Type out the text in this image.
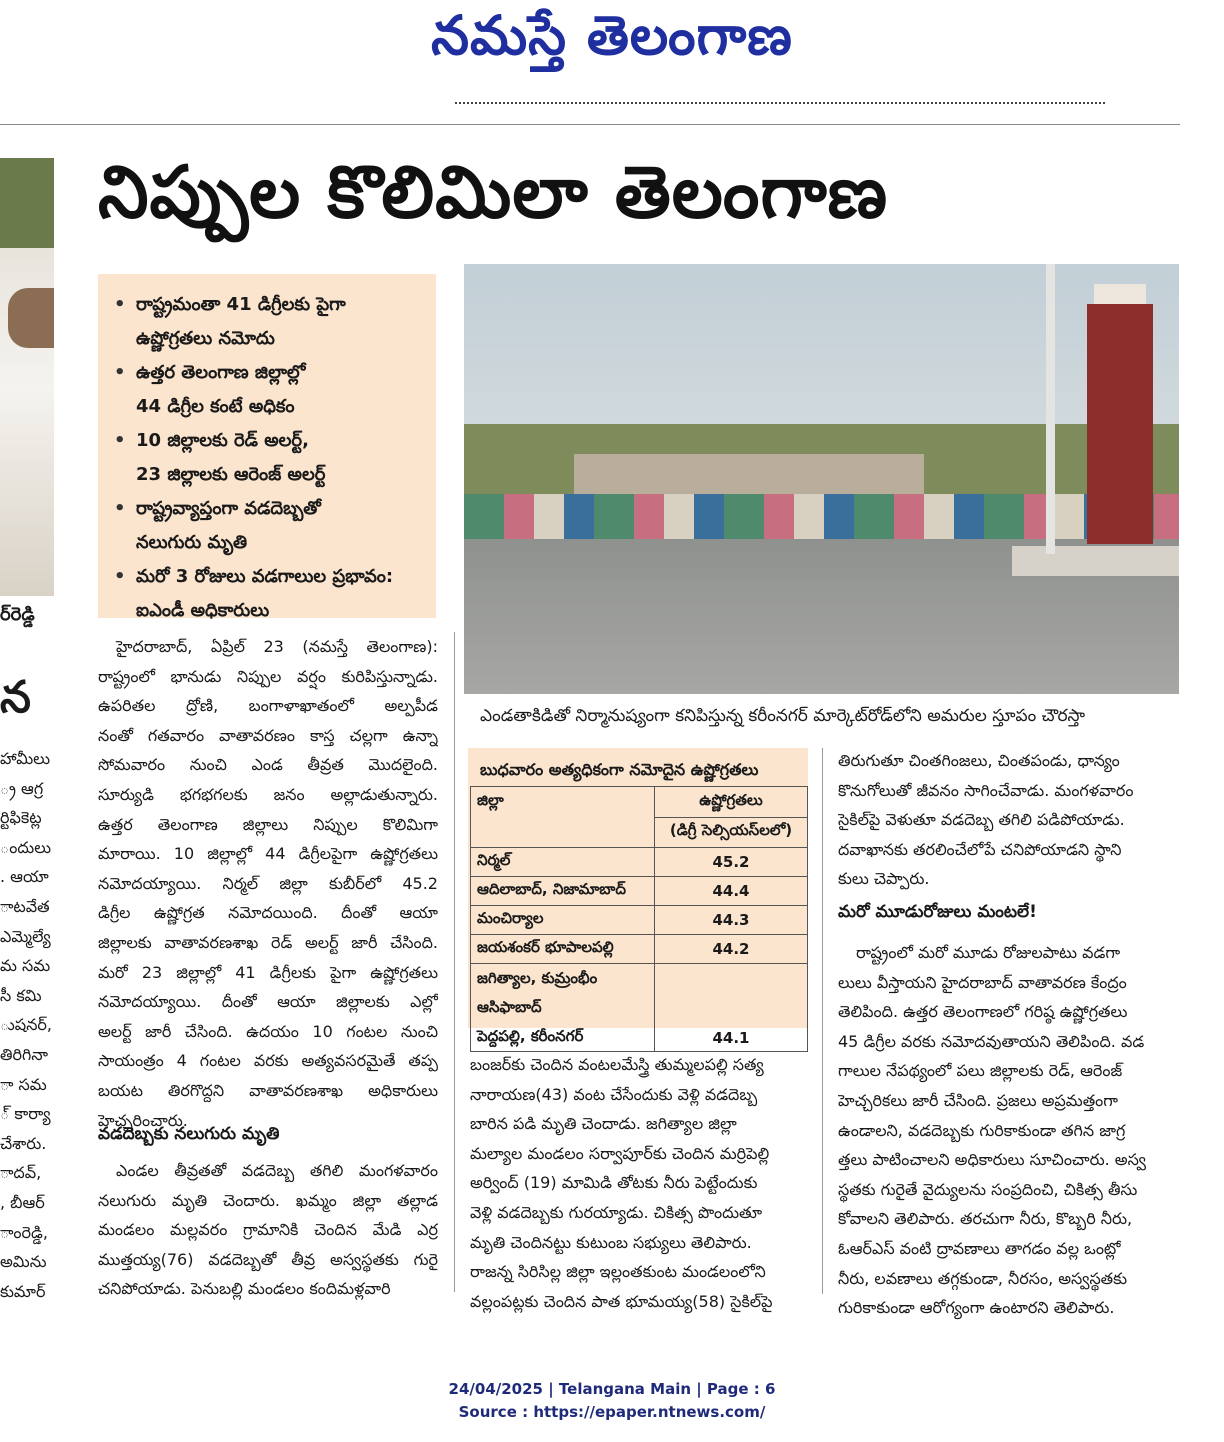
నమస్తే తెలంగాణ
ర్‌రెడ్డి
న
హామీలు
్ర ఆగ్ర
ర్టిఫికెట్ల
ందులు
. ఆయా
ాటవేత
ఎమ్మెల్యే
మ సమ
సీ కమి
ుషనర్,
తిరిగినా
ా సమ
్ కార్యా
చేశారు.
ాదవ్,
, బీఆర్
ాంరెడ్డి,
అమిను
కుమార్
నిప్పుల కొలిమిలా తెలంగాణ
• రాష్ట్రమంతా 41 డిగ్రీలకు పైగా
ఉష్ణోగ్రతలు నమోదు
• ఉత్తర తెలంగాణ జిల్లాల్లో
44 డిగ్రీల కంటే అధికం
• 10 జిల్లాలకు రెడ్ అలర్ట్,
23 జిల్లాలకు ఆరెంజ్ అలర్ట్
• రాష్ట్రవ్యాప్తంగా వడదెబ్బతో
నలుగురు మృతి
• మరో 3 రోజులు వడగాలుల ప్రభావం:
ఐఎండీ అధికారులు
ఎండతాకిడితో నిర్మానుష్యంగా కనిపిస్తున్న కరీంనగర్ మార్కెట్‌రోడ్‌లోని అమరుల స్తూపం చౌరస్తా
బుధవారం అత్యధికంగా నమోదైన ఉష్ణోగ్రతలు
జిల్లా	ఉష్ణోగ్రతలు
	(డిగ్రీ సెల్సియస్‌లలో)

నిర్మల్	45.2

ఆదిలాబాద్, నిజామాబాద్	44.4

మంచిర్యాల	44.3

జయశంకర్ భూపాలపల్లి	44.2

జగిత్యాల, కుమ్రంభీం ఆసిఫాబాద్
పెద్దపల్లి, కరీంనగర్	44.1
హైదరాబాద్, ఏప్రిల్ 23 (నమస్తే తెలంగాణ):
రాష్ట్రంలో భానుడు నిప్పుల వర్షం కురిపిస్తున్నాడు.
ఉపరితల ద్రోణి, బంగాళాఖాతంలో అల్పపీడ
నంతో గతవారం వాతావరణం కాస్త చల్లగా ఉన్నా
సోమవారం నుంచి ఎండ తీవ్రత మొదలైంది.
సూర్యుడి భగభగలకు జనం అల్లాడుతున్నారు.
ఉత్తర తెలంగాణ జిల్లాలు నిప్పుల కొలిమిగా
మారాయి. 10 జిల్లాల్లో 44 డిగ్రీలపైగా ఉష్ణోగ్రతలు
నమోదయ్యాయి. నిర్మల్ జిల్లా కుబీర్‌లో 45.2
డిగ్రీల ఉష్ణోగ్రత నమోదయింది. దీంతో ఆయా
జిల్లాలకు వాతావరణశాఖ రెడ్ అలర్ట్ జారీ చేసింది.
మరో 23 జిల్లాల్లో 41 డిగ్రీలకు పైగా ఉష్ణోగ్రతలు
నమోదయ్యాయి. దీంతో ఆయా జిల్లాలకు ఎల్లో
అలర్ట్ జారీ చేసింది. ఉదయం 10 గంటల నుంచి
సాయంత్రం 4 గంటల వరకు అత్యవసరమైతే తప్ప
బయట తిరగొద్దని వాతావరణశాఖ అధికారులు
హెచ్చరించారు.
వడదెబ్బకు నలుగురు మృతి
ఎండల తీవ్రతతో వడదెబ్బ తగిలి మంగళవారం
నలుగురు మృతి చెందారు. ఖమ్మం జిల్లా తల్లాడ
మండలం మల్లవరం గ్రామానికి చెందిన మేడి ఎర్ర
ముత్తయ్య(76) వడదెబ్బతో తీవ్ర అస్వస్థతకు గురై
చనిపోయాడు. పెనుబల్లి మండలం కందిమళ్లవారి
బంజర్‌కు చెందిన వంటలమేస్త్రి తుమ్మలపల్లి సత్య
నారాయణ(43) వంట చేసేందుకు వెళ్లి వడదెబ్బ
బారిన పడి మృతి చెందాడు. జగిత్యాల జిల్లా
మల్యాల మండలం సర్వాపూర్‌కు చెందిన మర్రిపెల్లి
అర్వింద్ (19) మామిడి తోటకు నీరు పెట్టేందుకు
వెళ్లి వడదెబ్బకు గురయ్యాడు. చికిత్స పొందుతూ
మృతి చెందినట్టు కుటుంబ సభ్యులు తెలిపారు.
రాజన్న సిరిసిల్ల జిల్లా ఇల్లంతకుంట మండలంలోని
వల్లంపట్లకు చెందిన పాత భూమయ్య(58) సైకిల్‌పై
తిరుగుతూ చింతగింజలు, చింతపండు, ధాన్యం
కొనుగోలుతో జీవనం సాగించేవాడు. మంగళవారం
సైకిల్‌పై వెళుతూ వడదెబ్బ తగిలి పడిపోయాడు.
దవాఖానకు తరలించేలోపే చనిపోయాడని స్థాని
కులు చెప్పారు.
మరో మూడురోజులు మంటలే!
రాష్ట్రంలో మరో మూడు రోజులపాటు వడగా
లులు వీస్తాయని హైదరాబాద్ వాతావరణ కేంద్రం
తెలిపింది. ఉత్తర తెలంగాణలో గరిష్ఠ ఉష్ణోగ్రతలు
45 డిగ్రీల వరకు నమోదవుతాయని తెలిపింది. వడ
గాలుల నేపథ్యంలో పలు జిల్లాలకు రెడ్, ఆరెంజ్
హెచ్చరికలు జారీ చేసింది. ప్రజలు అప్రమత్తంగా
ఉండాలని, వడదెబ్బకు గురికాకుండా తగిన జాగ్ర
త్తలు పాటించాలని అధికారులు సూచించారు. అస్వ
స్థతకు గురైతే వైద్యులను సంప్రదించి, చికిత్స తీసు
కోవాలని తెలిపారు. తరచుగా నీరు, కొబ్బరి నీరు,
ఓఆర్‌ఎస్ వంటి ద్రావణాలు తాగడం వల్ల ఒంట్లో
నీరు, లవణాలు తగ్గకుండా, నీరసం, అస్వస్థతకు
గురికాకుండా ఆరోగ్యంగా ఉంటారని తెలిపారు.
24/04/2025 | Telangana Main | Page : 6
Source : https://epaper.ntnews.com/
